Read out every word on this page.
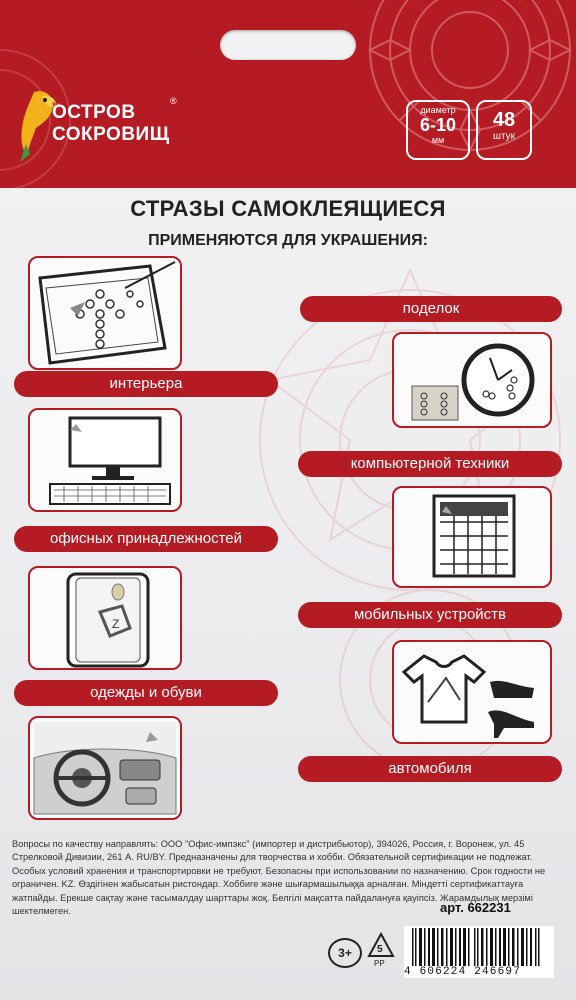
ОСТРОВ
СОКРОВИЩ
®
диаметр
6-10
мм
48
штук
СТРАЗЫ САМОКЛЕЯЩИЕСЯ
ПРИМЕНЯЮТСЯ ДЛЯ УКРАШЕНИЯ:
поделок
интерьера
компьютерной техники
офисных принадлежностей
Z
мобильных устройств
одежды и обуви
автомобиля
Вопросы по качеству направлять: ООО "Офис-импэкс" (импортер и дистрибьютор), 394026, Россия, г. Воронеж, ул. 45 Стрелковой Дивизии, 261 А. RU/BY. Предназначены для творчества и хобби. Обязательной сертификации не подлежат. Особых условий хранения и транспортировки не требуют. Безопасны при использовании по назначению. Срок годности не ограничен. KZ. Өздігінен жабысатын ристондар. Хоббиге және шығармашылыққа арналған. Міндетті сертификаттауға жатпайды. Ерекше сақтау және тасымалдау шарттары жоқ. Белгілі мақсатта пайдалануға қауіпсіз. Жарамдылық мерзімі шектелмеген.	арт. 662231
3+	5
PP
4 606224 246697
